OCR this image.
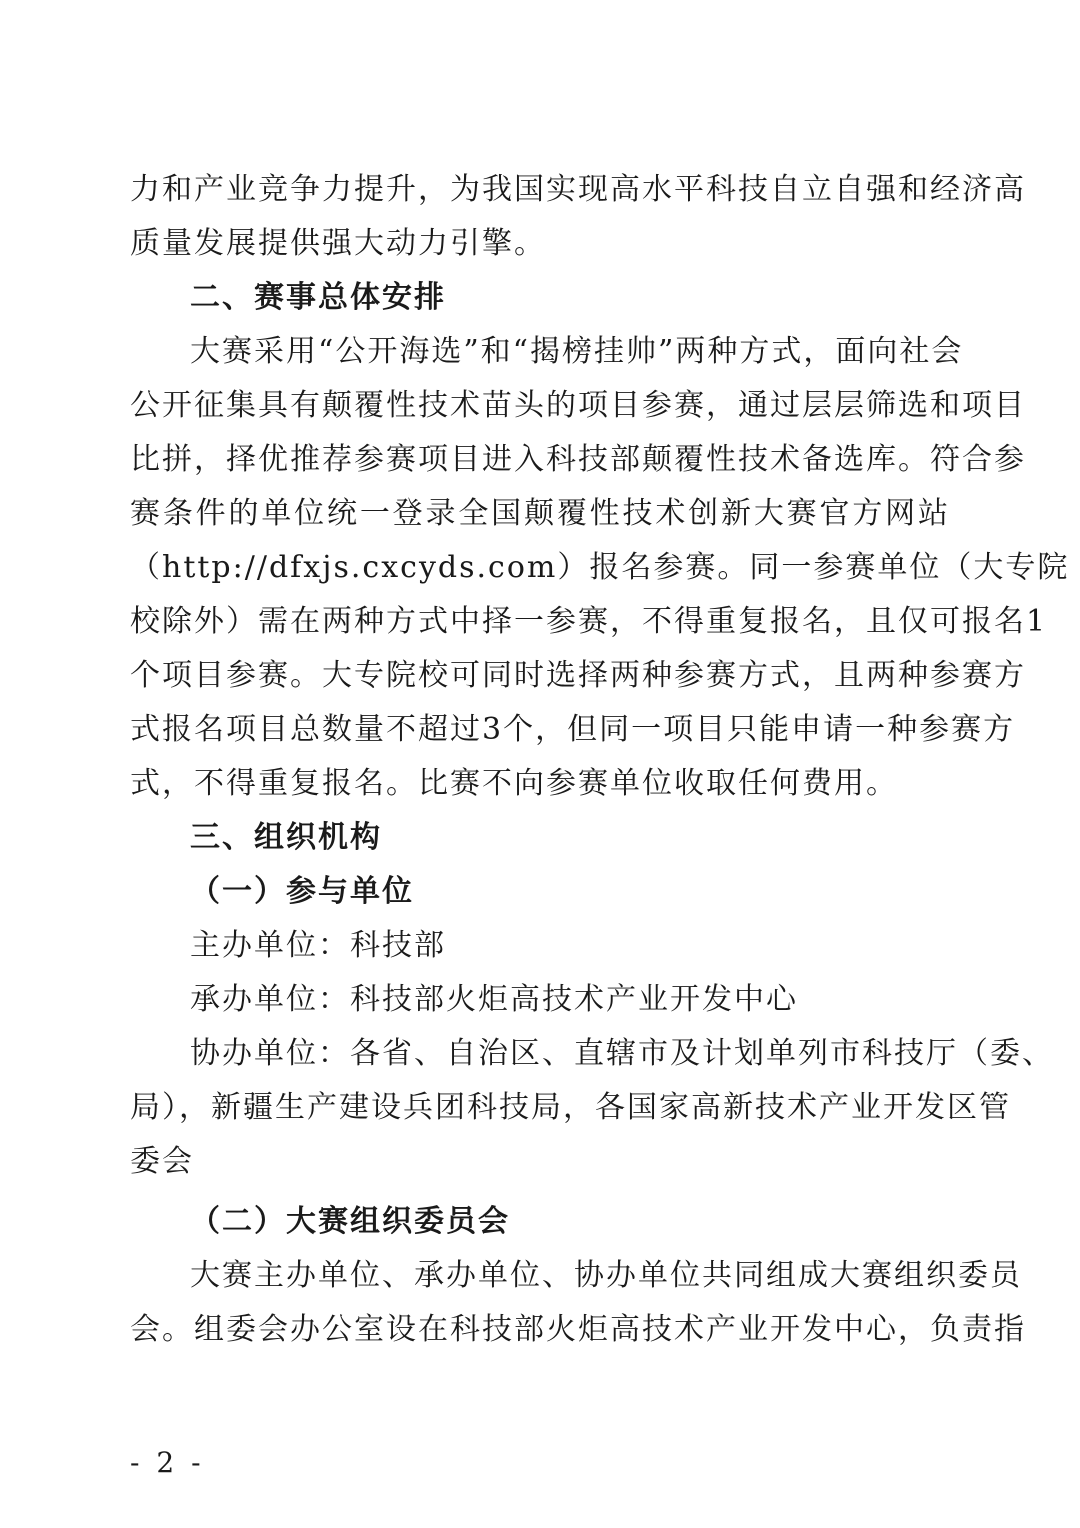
力和产业竞争力提升，为我国实现高水平科技自立自强和经济高
质量发展提供强大动力引擎。
二、赛事总体安排
大赛采用“公开海选”和“揭榜挂帅”两种方式，面向社会
公开征集具有颠覆性技术苗头的项目参赛，通过层层筛选和项目
比拼，择优推荐参赛项目进入科技部颠覆性技术备选库。符合参
赛条件的单位统一登录全国颠覆性技术创新大赛官方网站
（http://dfxjs.cxcyds.com）报名参赛。同一参赛单位（大专院
校除外）需在两种方式中择一参赛，不得重复报名，且仅可报名1
个项目参赛。大专院校可同时选择两种参赛方式，且两种参赛方
式报名项目总数量不超过3个，但同一项目只能申请一种参赛方
式，不得重复报名。比赛不向参赛单位收取任何费用。
三、组织机构
（一）参与单位
主办单位：科技部
承办单位：科技部火炬高技术产业开发中心
协办单位：各省、自治区、直辖市及计划单列市科技厅（委、
局），新疆生产建设兵团科技局，各国家高新技术产业开发区管
委会
（二）大赛组织委员会
大赛主办单位、承办单位、协办单位共同组成大赛组织委员
会。组委会办公室设在科技部火炬高技术产业开发中心，负责指
- 2 -
